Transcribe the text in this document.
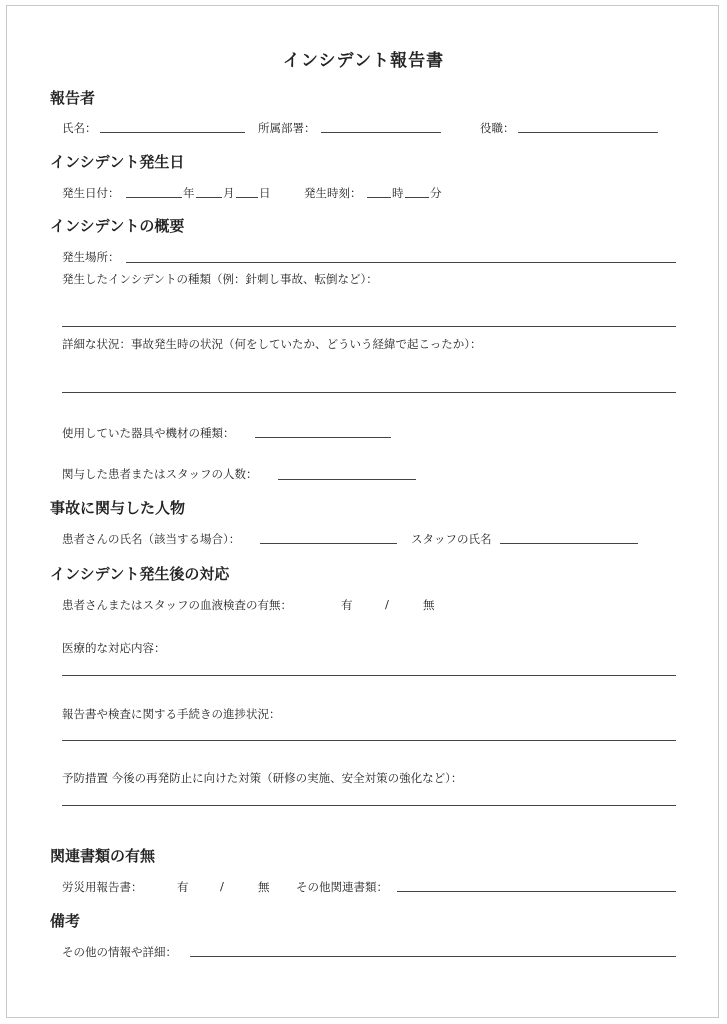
インシデント報告書
報告者
氏名：	所属部署：	役職：
インシデント発生日
発生日付：	年 月 日	発生時刻：	時 分
インシデントの概要
発生場所：
発生したインシデントの種類（例：針刺し事故、転倒など）：
詳細な状況：事故発生時の状況（何をしていたか、どういう経緯で起こったか）：
使用していた器具や機材の種類：
関与した患者またはスタッフの人数：
事故に関与した人物
患者さんの氏名（該当する場合）：	スタッフの氏名
インシデント発生後の対応
患者さんまたはスタッフの血液検査の有無：	有	/	無
医療的な対応内容：
報告書や検査に関する手続きの進捗状況：
予防措置 今後の再発防止に向けた対策（研修の実施、安全対策の強化など）：
関連書類の有無
労災用報告書：	有	/	無 その他関連書類：
備考
その他の情報や詳細：
